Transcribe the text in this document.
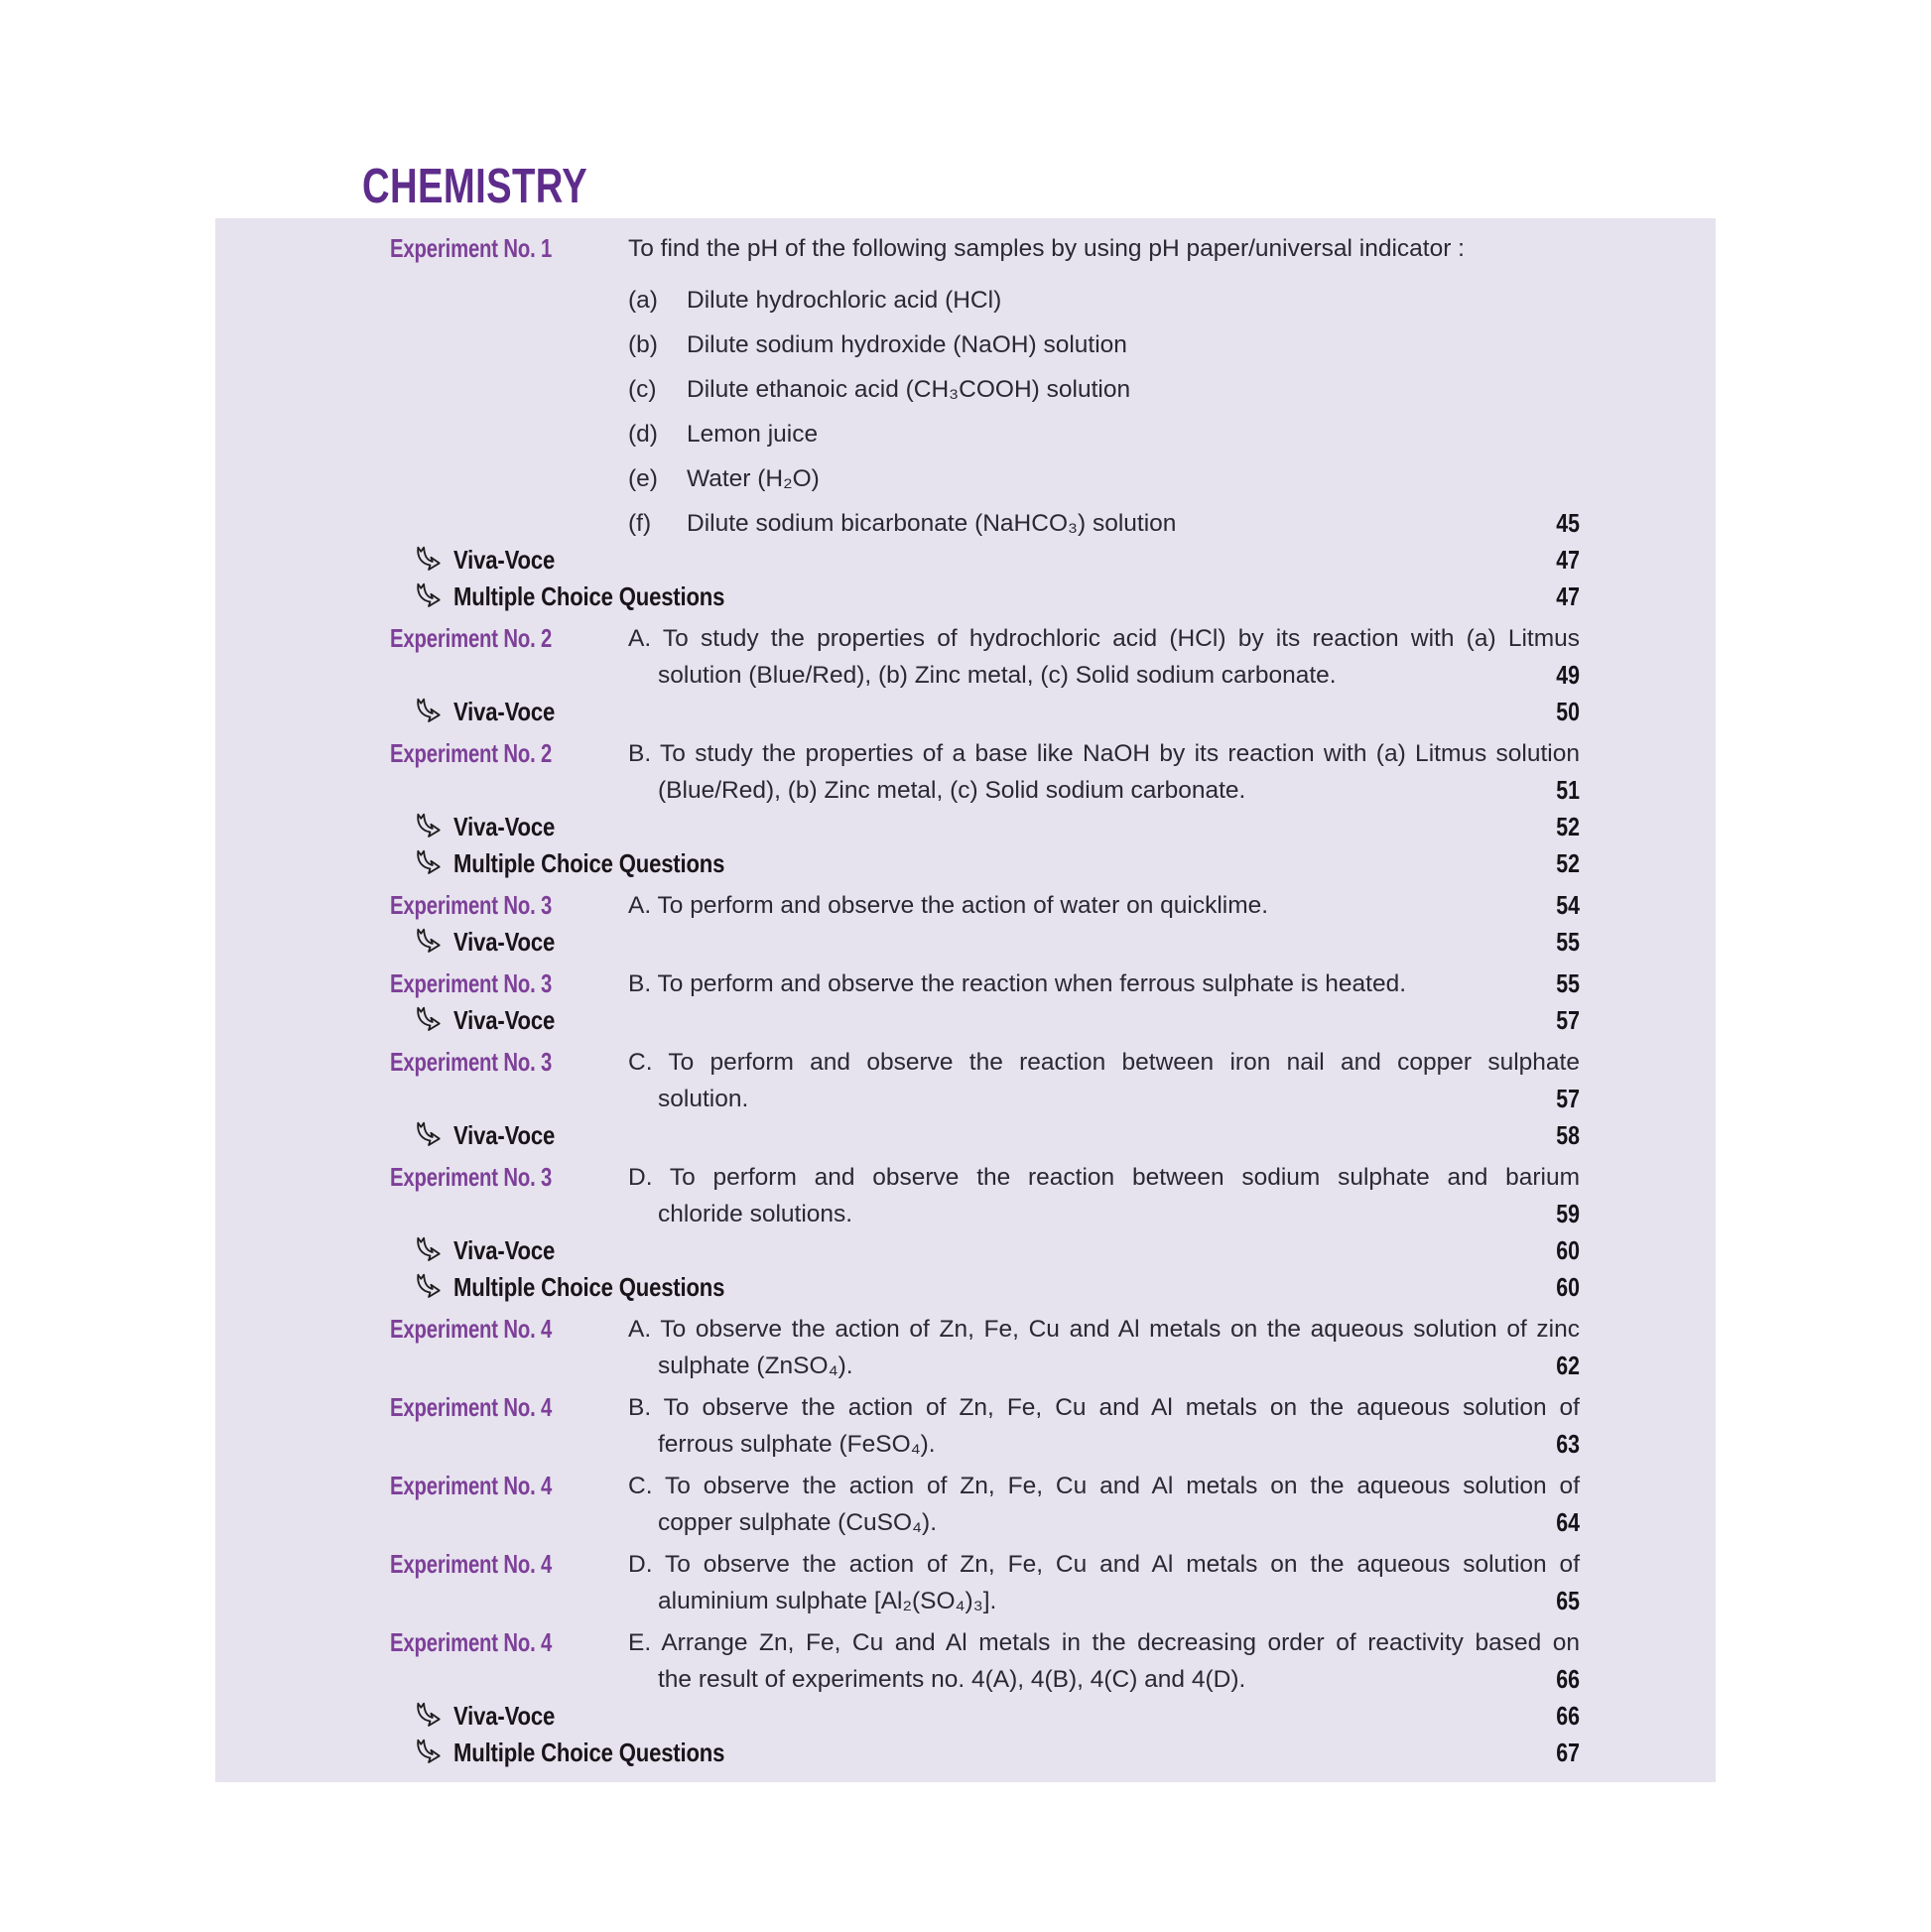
CHEMISTRY
Experiment No. 1	To find the pH of the following samples by using pH paper/universal indicator :
(a)	Dilute hydrochloric acid (HCl)
(b)	Dilute sodium hydroxide (NaOH) solution
(c)	Dilute ethanoic acid (CH₃COOH) solution
(d)	Lemon juice
(e)	Water (H₂O)
(f)	Dilute sodium bicarbonate (NaHCO₃) solution	45
Viva-Voce	47
Multiple Choice Questions	47
Experiment No. 2	A. To study the properties of hydrochloric acid (HCl) by its reaction with (a) Litmus
solution (Blue/Red), (b) Zinc metal, (c) Solid sodium carbonate.	49
Viva-Voce	50
Experiment No. 2	B. To study the properties of a base like NaOH by its reaction with (a) Litmus solution
(Blue/Red), (b) Zinc metal, (c) Solid sodium carbonate.	51
Viva-Voce	52
Multiple Choice Questions	52
Experiment No. 3	A. To perform and observe the action of water on quicklime.	54
Viva-Voce	55
Experiment No. 3	B. To perform and observe the reaction when ferrous sulphate is heated.	55
Viva-Voce	57
Experiment No. 3	C. To perform and observe the reaction between iron nail and copper sulphate
solution.	57
Viva-Voce	58
Experiment No. 3	D. To perform and observe the reaction between sodium sulphate and barium
chloride solutions.	59
Viva-Voce	60
Multiple Choice Questions	60
Experiment No. 4	A. To observe the action of Zn, Fe, Cu and Al metals on the aqueous solution of zinc
sulphate (ZnSO₄).	62
Experiment No. 4	B. To observe the action of Zn, Fe, Cu and Al metals on the aqueous solution of
ferrous sulphate (FeSO₄).	63
Experiment No. 4	C. To observe the action of Zn, Fe, Cu and Al metals on the aqueous solution of
copper sulphate (CuSO₄).	64
Experiment No. 4	D. To observe the action of Zn, Fe, Cu and Al metals on the aqueous solution of
aluminium sulphate [Al₂(SO₄)₃].	65
Experiment No. 4	E. Arrange Zn, Fe, Cu and Al metals in the decreasing order of reactivity based on
the result of experiments no. 4(A), 4(B), 4(C) and 4(D).	66
Viva-Voce	66
Multiple Choice Questions	67
